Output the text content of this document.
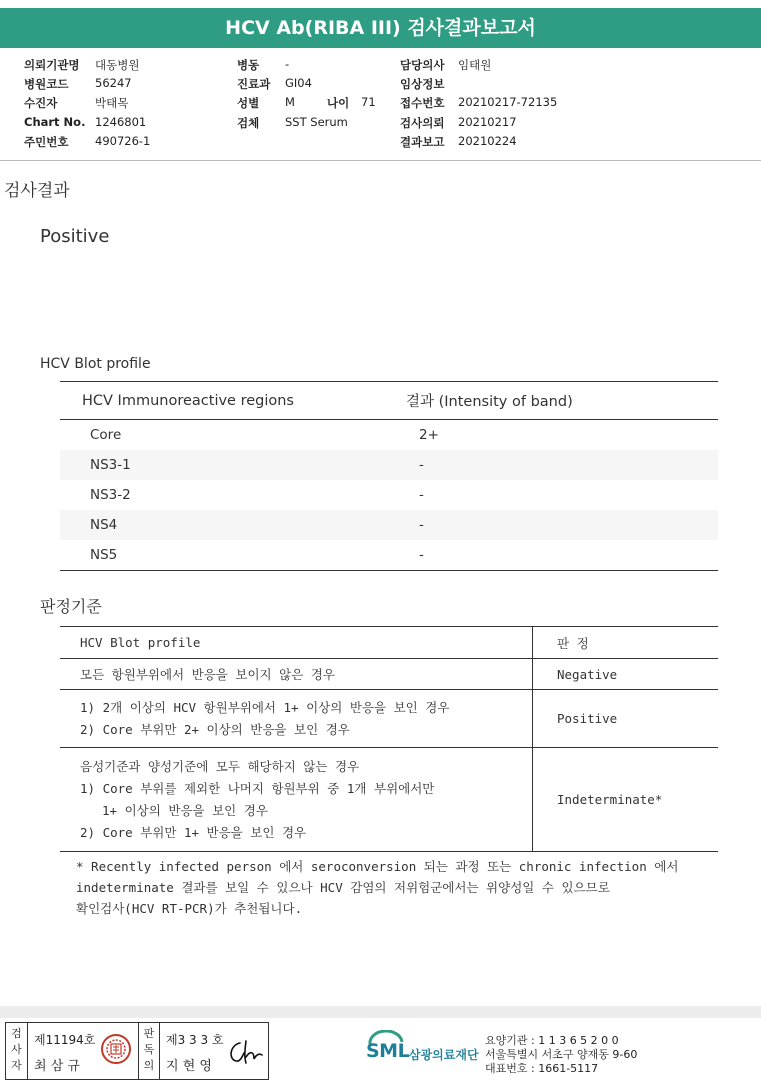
HCV Ab(RIBA III) 검사결과보고서
의뢰기관명 대동병원
병원코드 56247
수진자	박태목
Chart No. 1246801
주민번호 490726-1
병동 -
진료과 GI04
성별 M	나이 71
검체 SST Serum
담당의사 임태원
임상정보
접수번호 20210217-72135
검사의뢰 20210217
결과보고 20210224
검사결과
Positive
HCV Blot profile
HCV Immunoreactive regions	결과 (Intensity of band)
Core	2+
NS3-1	-
NS3-2	-
NS4	-
NS5	-
판정기준
HCV Blot profile	판 정
모든 항원부위에서 반응을 보이지 않은 경우	Negative

1) 2개 이상의 HCV 항원부위에서 1+ 이상의 반응을 보인 경우
2) Core 부위만 2+ 이상의 반응을 보인 경우	Positive

음성기준과 양성기준에 모두 해당하지 않는 경우
1) Core 부위를 제외한 나머지 항원부위 중 1개 부위에서만
1+ 이상의 반응을 보인 경우
2) Core 부위만 1+ 반응을 보인 경우	Indeterminate*
* Recently infected person 에서 seroconversion 되는 과정 또는 chronic infection 에서
indeterminate 결과를 보일 수 있으나 HCV 감염의 저위험군에서는 위양성일 수 있으므로
확인검사(HCV RT-PCR)가 추천됩니다.
검사자
제11194호
최 삼 규
판독의
제3 3 3 호
지 현 영
SML 삼광의료재단
요양기관 : 1 1 3 6 5 2 0 0
서울특별시 서초구 양재동 9-60
대표번호 : 1661-5117
